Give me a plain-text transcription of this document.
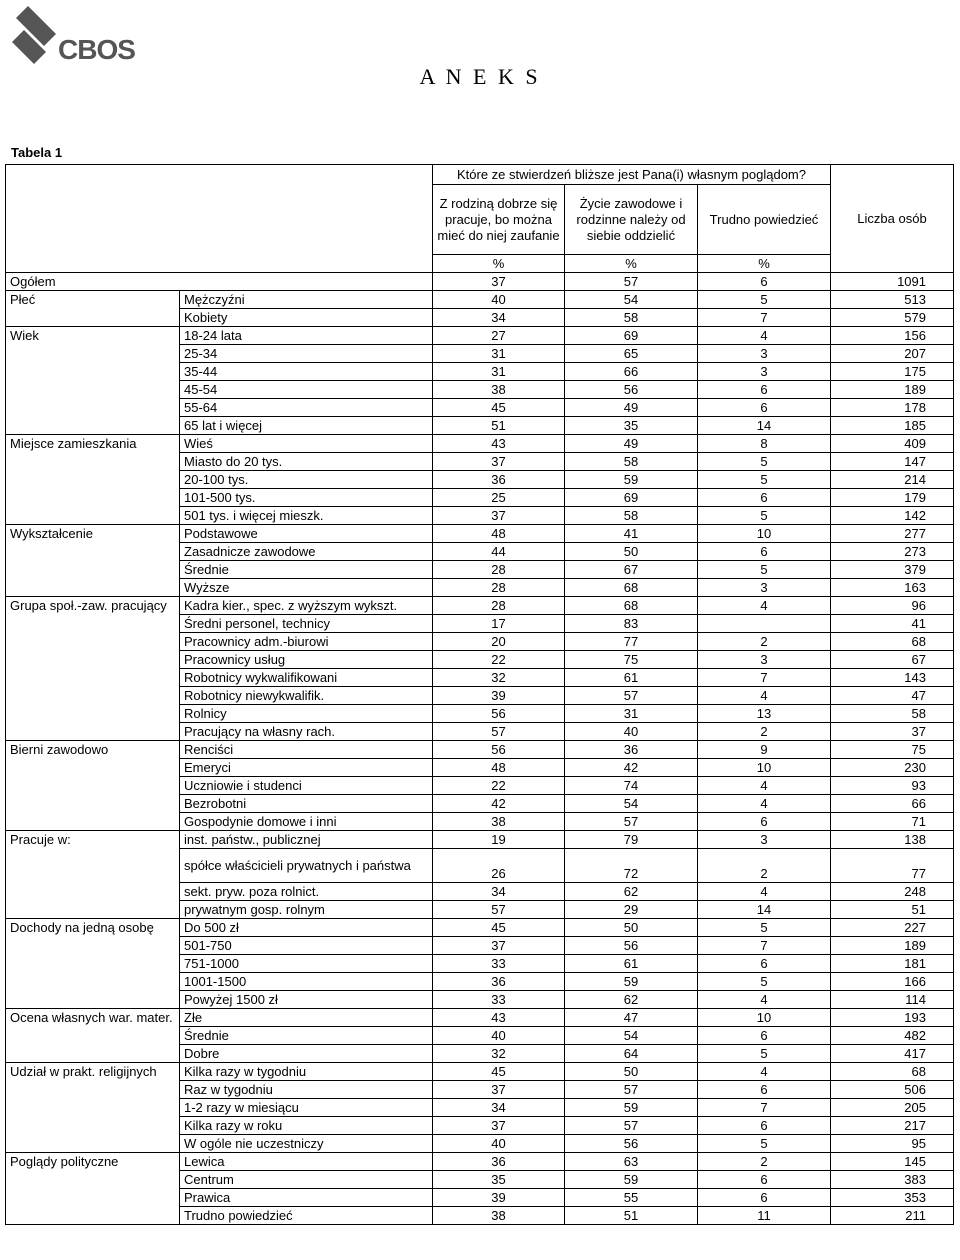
CBOS
A N E K S
Tabela 1
		Które ze stwierdzeń bliższe jest Pana(i) własnym poglądom?			Liczba osób
		Z rodziną dobrze się pracuje, bo można mieć do niej zaufanie	Życie zawodowe i rodzinne należy od siebie oddzielić	Trudno powiedzieć	
		%	%	%	
Ogółem		37	57	6	1091
Płeć	Mężczyźni	40	54	5	513
	Kobiety	34	58	7	579
Wiek	18-24 lata	27	69	4	156
	25-34	31	65	3	207
	35-44	31	66	3	175
	45-54	38	56	6	189
	55-64	45	49	6	178
	65 lat i więcej	51	35	14	185
Miejsce zamieszkania	Wieś	43	49	8	409
	Miasto do 20 tys.	37	58	5	147
	20-100 tys.	36	59	5	214
	101-500 tys.	25	69	6	179
	501 tys. i więcej mieszk.	37	58	5	142
Wykształcenie	Podstawowe	48	41	10	277
	Zasadnicze zawodowe	44	50	6	273
	Średnie	28	67	5	379
	Wyższe	28	68	3	163
Grupa społ.-zaw. pracujący	Kadra kier., spec. z wyższym wykszt.	28	68	4	96
	Średni personel, technicy	17	83		41
	Pracownicy adm.-biurowi	20	77	2	68
	Pracownicy usług	22	75	3	67
	Robotnicy wykwalifikowani	32	61	7	143
	Robotnicy niewykwalifik.	39	57	4	47
	Rolnicy	56	31	13	58
	Pracujący na własny rach.	57	40	2	37
Bierni zawodowo	Renciści	56	36	9	75
	Emeryci	48	42	10	230
	Uczniowie i studenci	22	74	4	93
	Bezrobotni	42	54	4	66
	Gospodynie domowe i inni	38	57	6	71
Pracuje w:	inst. państw., publicznej	19	79	3	138
	spółce właścicieli prywatnych i państwa	26	72	2	77
	sekt. pryw. poza rolnict.	34	62	4	248
	prywatnym gosp. rolnym	57	29	14	51
Dochody na jedną osobę	Do 500 zł	45	50	5	227
	501-750	37	56	7	189
	751-1000	33	61	6	181
	1001-1500	36	59	5	166
	Powyżej 1500 zł	33	62	4	114
Ocena własnych war. mater.	Złe	43	47	10	193
	Średnie	40	54	6	482
	Dobre	32	64	5	417
Udział w prakt. religijnych	Kilka razy w tygodniu	45	50	4	68
	Raz w tygodniu	37	57	6	506
	1-2 razy w miesiącu	34	59	7	205
	Kilka razy w roku	37	57	6	217
	W ogóle nie uczestniczy	40	56	5	95
Poglądy polityczne	Lewica	36	63	2	145
	Centrum	35	59	6	383
	Prawica	39	55	6	353
	Trudno powiedzieć	38	51	11	211
